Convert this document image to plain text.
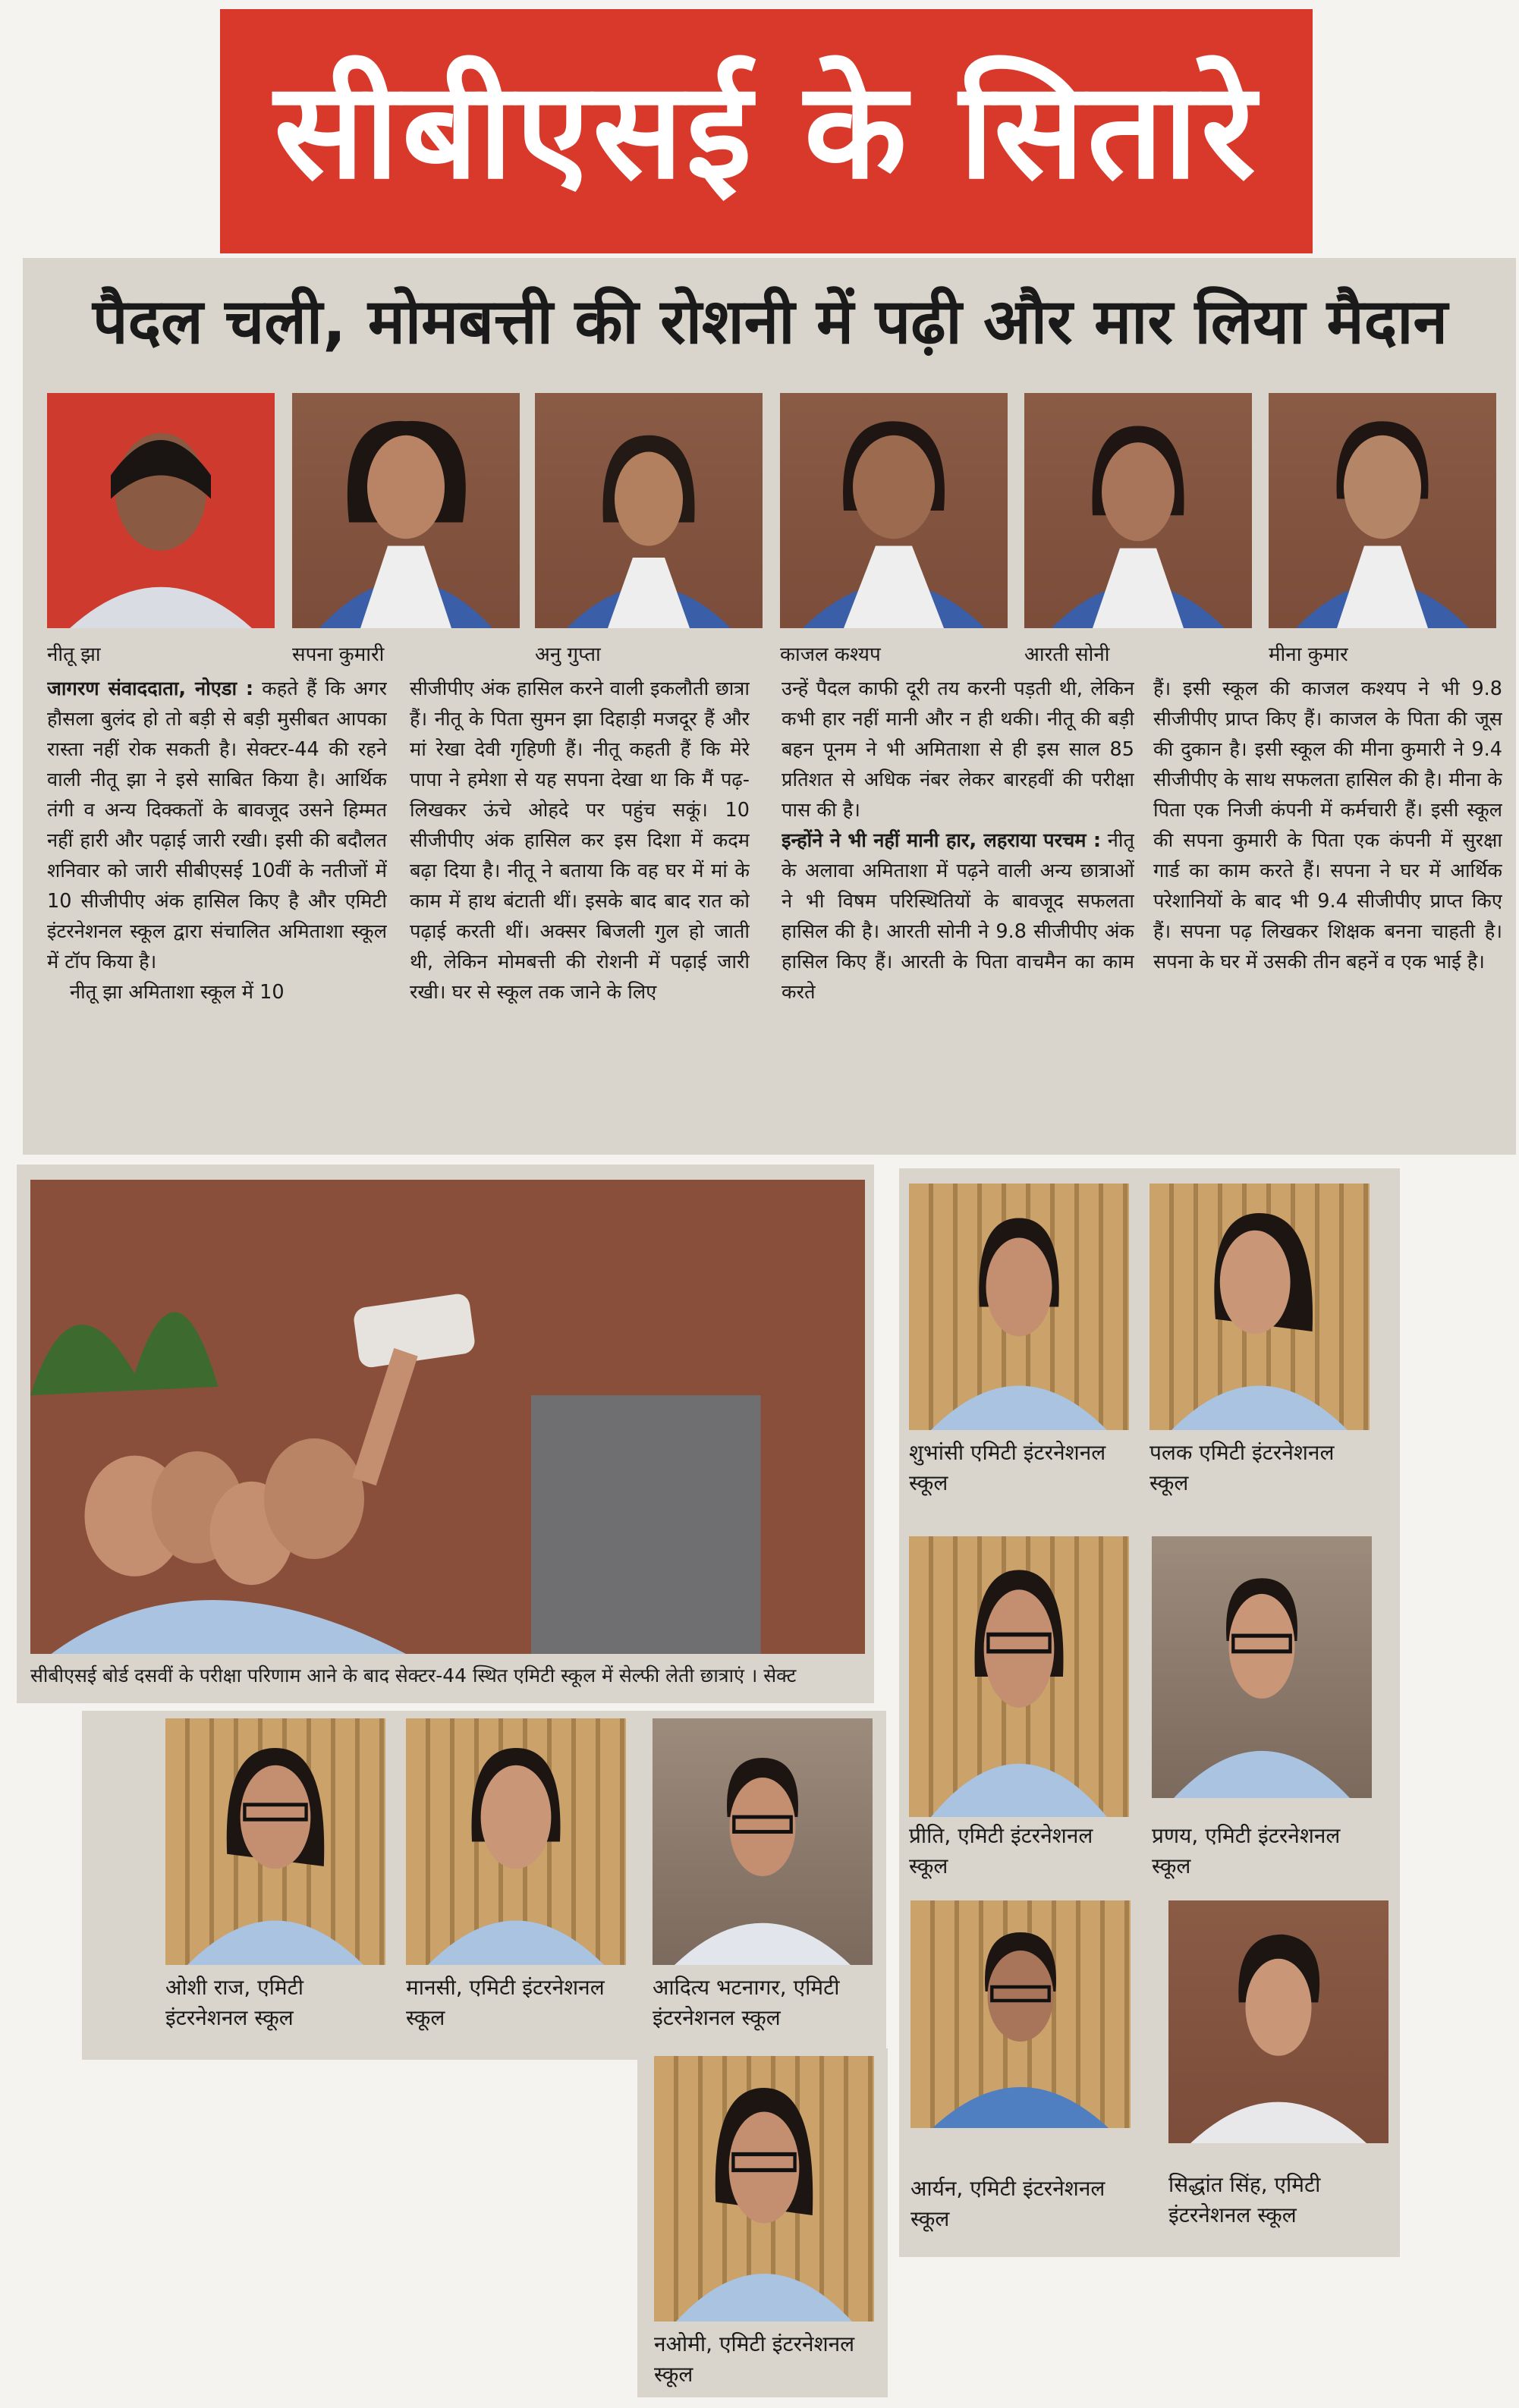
सीबीएसई के सितारे
पैदल चली, मोमबत्ती की रोशनी में पढ़ी और मार लिया मैदान
नीतू झा	सपना कुमारी	अनु गुप्ता	काजल कश्यप	आरती सोनी	मीना कुमार

जागरण संवाददाता, नोएडा : कहते हैं कि अगर हौसला बुलंद हो तो बड़ी से बड़ी मुसीबत आपका रास्ता नहीं रोक सकती है। सेक्टर-44 की रहने वाली नीतू झा ने इसे साबित किया है। आर्थिक तंगी व अन्य दिक्कतों के बावजूद उसने हिम्मत नहीं हारी और पढ़ाई जारी रखी। इसी की बदौलत शनिवार को जारी सीबीएसई 10वीं के नतीजों में 10 सीजीपीए अंक हासिल किए है और एमिटी इंटरनेशनल स्कूल द्वारा संचालित अमिताशा स्कूल में टॉप किया है।

नीतू झा अमिताशा स्कूल में 10

सीजीपीए अंक हासिल करने वाली इकलौती छात्रा हैं। नीतू के पिता सुमन झा दिहाड़ी मजदूर हैं और मां रेखा देवी गृहिणी हैं। नीतू कहती हैं कि मेरे पापा ने हमेशा से यह सपना देखा था कि मैं पढ़-लिखकर ऊंचे ओहदे पर पहुंच सकूं। 10 सीजीपीए अंक हासिल कर इस दिशा में कदम बढ़ा दिया है। नीतू ने बताया कि वह घर में मां के काम में हाथ बंटाती थीं। इसके बाद बाद रात को पढ़ाई करती थीं। अक्सर बिजली गुल हो जाती थी, लेकिन मोमबत्ती की रोशनी में पढ़ाई जारी रखी। घर से स्कूल तक जाने के लिए

उन्हें पैदल काफी दूरी तय करनी पड़ती थी, लेकिन कभी हार नहीं मानी और न ही थकी। नीतू की बड़ी बहन पूनम ने भी अमिताशा से ही इस साल 85 प्रतिशत से अधिक नंबर लेकर बारहवीं की परीक्षा पास की है।

इन्होंने ने भी नहीं मानी हार, लहराया परचम : नीतू के अलावा अमिताशा में पढ़ने वाली अन्य छात्राओं ने भी विषम परिस्थितियों के बावजूद सफलता हासिल की है। आरती सोनी ने 9.8 सीजीपीए अंक हासिल किए हैं। आरती के पिता वाचमैन का काम करते

हैं। इसी स्कूल की काजल कश्यप ने भी 9.8 सीजीपीए प्राप्त किए हैं। काजल के पिता की जूस की दुकान है। इसी स्कूल की मीना कुमारी ने 9.4 सीजीपीए के साथ सफलता हासिल की है। मीना के पिता एक निजी कंपनी में कर्मचारी हैं। इसी स्कूल की सपना कुमारी के पिता एक कंपनी में सुरक्षा गार्ड का काम करते हैं। सपना ने घर में आर्थिक परेशानियों के बाद भी 9.4 सीजीपीए प्राप्त किए हैं। सपना पढ़ लिखकर शिक्षक बनना चाहती है। सपना के घर में उसकी तीन बहनें व एक भाई है।
सीबीएसई बोर्ड दसवीं के परीक्षा परिणाम आने के बाद सेक्टर-44 स्थित एमिटी स्कूल में सेल्फी लेती छात्राएं । सेक्ट
शुभांसी एमिटी इंटरनेशनल स्कूल
पलक एमिटी इंटरनेशनल स्कूल
प्रीति, एमिटी इंटरनेशनल स्कूल
प्रणय, एमिटी इंटरनेशनल स्कूल
आर्यन, एमिटी इंटरनेशनल स्कूल
सिद्धांत सिंह, एमिटी इंटरनेशनल स्कूल
ओशी राज, एमिटी इंटरनेशनल स्कूल
मानसी, एमिटी इंटरनेशनल स्कूल
आदित्य भटनागर, एमिटी इंटरनेशनल स्कूल
नओमी, एमिटी इंटरनेशनल स्कूल
